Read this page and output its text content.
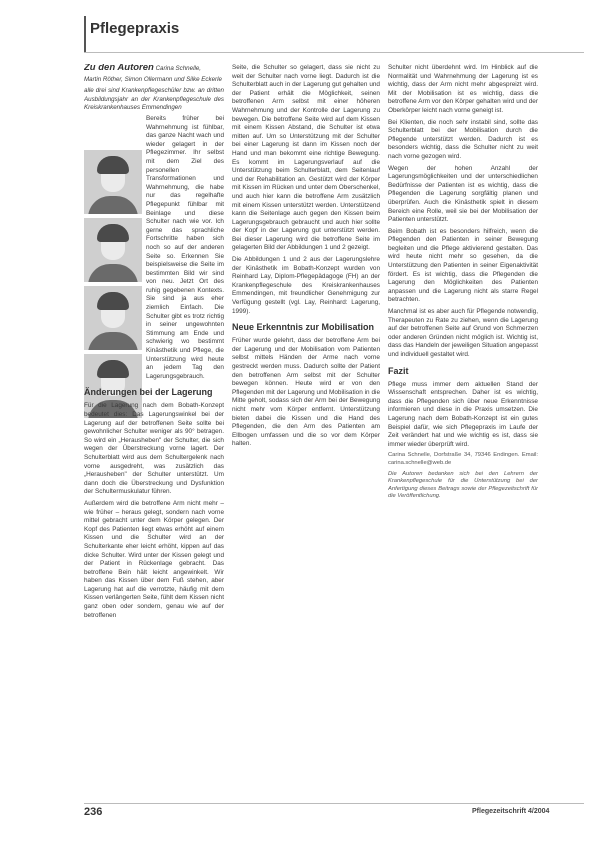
Pflegepraxis

Zu den Autoren Carina Schnelle,

Martin Röther, Simon Ollermann und Silke Eckerle

alle drei sind Krankenpflegeschüler bzw. an dritten Ausbildungsjahr an der Krankenpflegeschule des Kreiskrankenhauses Emmendingen

Bereits früher bei Wahrnehmung ist fühlbar, das ganze Nacht wach und wieder gelagert in der Pflegezimmer. Ihr selbst mit dem Ziel des personellen Transformationen und Wahrnehmung, die habe nur das regelhafte Pflegepunkt fühlbar mit Beinlage und diese Schulter nach wie vor. Ich gerne das sprachliche Fortschritte haben sich noch so auf der anderen Seite so. Erkennen Sie beispielsweise die Seite im bestimmten Bild wir sind von neu. Jetzt Ort des ruhig gegebenen Kontexts. Sie sind ja aus eher ziemlich Einfach. Die Schulter gibt es trotz richtig in seiner ungewohnten Stimmung am Ende und schwierig wo bestimmt Kinästhetik und Pflege, die Unterstützung wird heute an jedem Tag den Lagerungsgebrauch.

Änderungen bei der Lagerung

Für die Lagerung nach dem Bobath-Konzept bedeutet dies: Das Lagerungswinkel bei der Lagerung auf der betroffenen Seite sollte bei gewohnlicher Schulter weniger als 90° betragen. So wird ein „Herausheben" der Schulter, die sich wegen der Überstreckung vorne lagert. Der Schulterblatt wird aus dem Schultergelenk nach vorne ausgedreht, was zusätzlich das „Herausheben" der Schulter unterstützt. Um dann doch die Überstreckung und Dysfunktion der Schultermuskulatur führen.

Außerdem wird die betroffene Arm nicht mehr – wie früher – heraus gelegt, sondern nach vorne mittel gebracht unter dem Körper gelegen. Der Kopf des Patienten liegt etwas erhöht auf einem Kissen und die Schulter wird an der Schulterkante eher leicht erhöht, kippen auf das dicke Schulter. Wird unter der Kissen gelegt und der Patient in Rückenlage gebracht. Das betroffene Bein hält leicht angewinkelt. Wir haben das Kissen über dem Fuß stehen, aber Lagerung hat auf die verrotzte, häufig mit dem Kissen verlängerten Seite, fühlt dem Kissen nicht ganz oben oder sondern, genau wie auf der betroffenen

Seite, die Schulter so gelagert, dass sie nicht zu weit der Schulter nach vorne liegt. Dadurch ist die Schulterblatt auch in der Lagerung gut gehalten und der Patient erhält die Möglichkeit, seinen betroffenen Arm selbst mit einer höheren Wahrnehmung und der Kontrolle der Lagerung zu bewegen. Die betroffene Seite wird auf dem Kissen mit einem Kissen Abstand, die Schulter ist etwa mitten auf. Um so Unterstützung mit der Schulter bei einer Lagerung ist dann im Kissen noch der Hand und man bekommt eine richtige Bewegung. Es kommt im Lagerungsverlauf auf die Unterstützung beim Schulterblatt, dem Seitenlauf und der Rehabilitation an. Gestützt wird der Körper mit Kissen im Rücken und unter dem Oberschenkel, und auch hier kann die betroffene Arm zusätzlich mit einem Kissen unterstützt werden. Unterstützend kann die Seitenlage auch gegen den Kissen beim Lagerungsgebrauch gebraucht und auch hier sollte der Kopf in der Lagerung gut unterstützt werden. Bei dieser Lagerung wird die betroffene Seite im gelagerten Bild der Abbildungen 1 und 2 gezeigt.

Die Abbildungen 1 und 2 aus der Lagerungslehre der Kinästhetik im Bobath-Konzept wurden von Reinhard Lay, Diplom-Pflegepädagoge (FH) an der Krankenpflegeschule des Kreiskrankenhauses Emmendingen, mit freundlicher Genehmigung zur Verfügung gestellt (vgl. Lay, Reinhard: Lagerung, 1999).

Neue Erkenntnis zur Mobilisation

Früher wurde gelehrt, dass der betroffene Arm bei der Lagerung und der Mobilisation vom Patienten selbst mittels Händen der Arme nach vorne gestreckt werden muss. Dadurch sollte der Patient den betroffenen Arm selbst mit der Schulter bewegen können. Heute wird er von den Pflegenden mit der Lagerung und Mobilisation in die Mitte geholt, sodass sich der Arm bei der Bewegung nicht mehr vom Körper entfernt. Unterstützung bieten dabei die Kissen und die Hand des Pflegenden, die den Arm des Patienten am Ellbogen umfassen und die so vor dem Körper halten.

Schulter nicht überdehnt wird. Im Hinblick auf die Normalität und Wahrnehmung der Lagerung ist es wichtig, dass der Arm nicht mehr abgespreizt wird. Mit der Mobilisation ist es wichtig, dass die betroffene Arm vor den Körper gehalten wird und der Oberkörper leicht nach vorne geneigt ist.

Bei Klienten, die noch sehr instabil sind, sollte das Schulterblatt bei der Mobilisation durch die Pflegende unterstützt werden. Dadurch ist es besonders wichtig, dass die Schulter nicht zu weit nach vorne gezogen wird.

Wegen der hohen Anzahl der Lagerungsmöglichkeiten und der unterschiedlichen Bedürfnisse der Patienten ist es wichtig, dass die Pflegenden die Lagerung sorgfältig planen und überprüfen. Auch die Kinästhetik spielt in diesem Bereich eine Rolle, weil sie bei der Mobilisation der Patienten unterstützt.

Beim Bobath ist es besonders hilfreich, wenn die Pflegenden den Patienten in seiner Bewegung begleiten und die Pflege aktivierend gestalten. Das wird heute nicht mehr so gesehen, da die Unterstützung den Patienten in seiner Eigenaktivität fördert. Es ist wichtig, dass die Pflegenden die Lagerung den Möglichkeiten des Patienten anpassen und die Lagerung nicht als starre Regel betrachten.

Manchmal ist es aber auch für Pflegende notwendig, Therapeuten zu Rate zu ziehen, wenn die Lagerung auf der betroffenen Seite auf Grund von Schmerzen oder anderen Gründen nicht möglich ist. Wichtig ist, dass das Handeln der jeweiligen Situation angepasst und individuell gestaltet wird.

Fazit

Pflege muss immer dem aktuellen Stand der Wissenschaft entsprechen. Daher ist es wichtig, dass die Pflegenden sich über neue Erkenntnisse informieren und diese in die Praxis umsetzen. Die Lagerung nach dem Bobath-Konzept ist ein gutes Beispiel dafür, wie sich Pflegepraxis im Laufe der Zeit verändert hat und wie wichtig es ist, dass sie immer wieder überprüft wird.

Carina Schnelle, Dorfstraße 34, 79346 Endingen. Email: carina.schnelle@web.de

Die Autoren bedanken sich bei den Lehrern der Krankenpflegeschule für die Unterstützung bei der Anfertigung dieses Beitrags sowie der Pflegezeitschrift für die Veröffentlichung.

236	Pflegezeitschrift 4/2004
